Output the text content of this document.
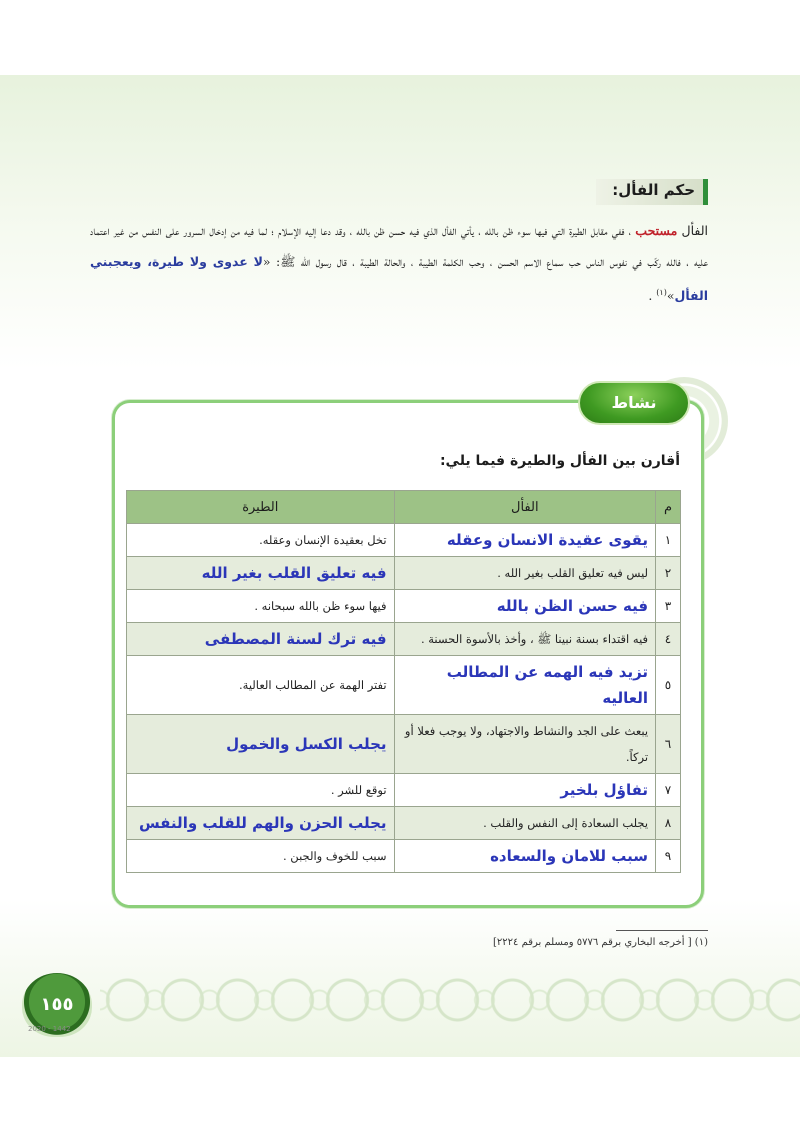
حكم الفأل:

الفأل مستحب ، ففي مقابل الطيرة التي فيها سوء ظن بالله ، يأتي الفأل الذي فيه حسن ظن بالله ، وقد دعا إليه الإسلام ؛ لما فيه من إدخال السرور على النفس من غير اعتماد عليه ، فالله ركّب في نفوس الناس حب سماع الاسم الحسن ، وحب الكلمة الطيبة ، والحالة الطيبة ، قال رسول الله ﷺ: «لا عدوى ولا طيرة، ويعجبني الفأل»$^{(١)}$ .

نشاط
أقارن بين الفأل والطيرة فيما يلي:
م	الفأل	الطيرة
١	يقوى عقيدة الانسان وعقله	تخل بعقيدة الإنسان وعقله.
٢	ليس فيه تعليق القلب بغير الله .	فيه تعليق القلب بغير الله
٣	فيه حسن الظن بالله	فيها سوء ظن بالله سبحانه .
٤	فيه اقتداء بسنة نبينا ﷺ ، وأخذ بالأسوة الحسنة .	فيه ترك لسنة المصطفى
٥	تزيد فيه الهمه عن المطالب العاليه	تفتر الهمة عن المطالب العالية.
٦	يبعث على الجد والنشاط والاجتهاد، ولا يوجب فعلا أو تركاً.	يجلب الكسل والخمول
٧	تفاؤل بلخير	توقع للشر .
٨	يجلب السعادة إلى النفس والقلب .	يجلب الحزن والهم للقلب والنفس
٩	سبب للامان والسعاده	سبب للخوف والجبن .
(١) [ أخرجه البخاري برقم ٥٧٧٦ ومسلم برقم ٢٢٢٤]
١٥٥
2020 - 1442
